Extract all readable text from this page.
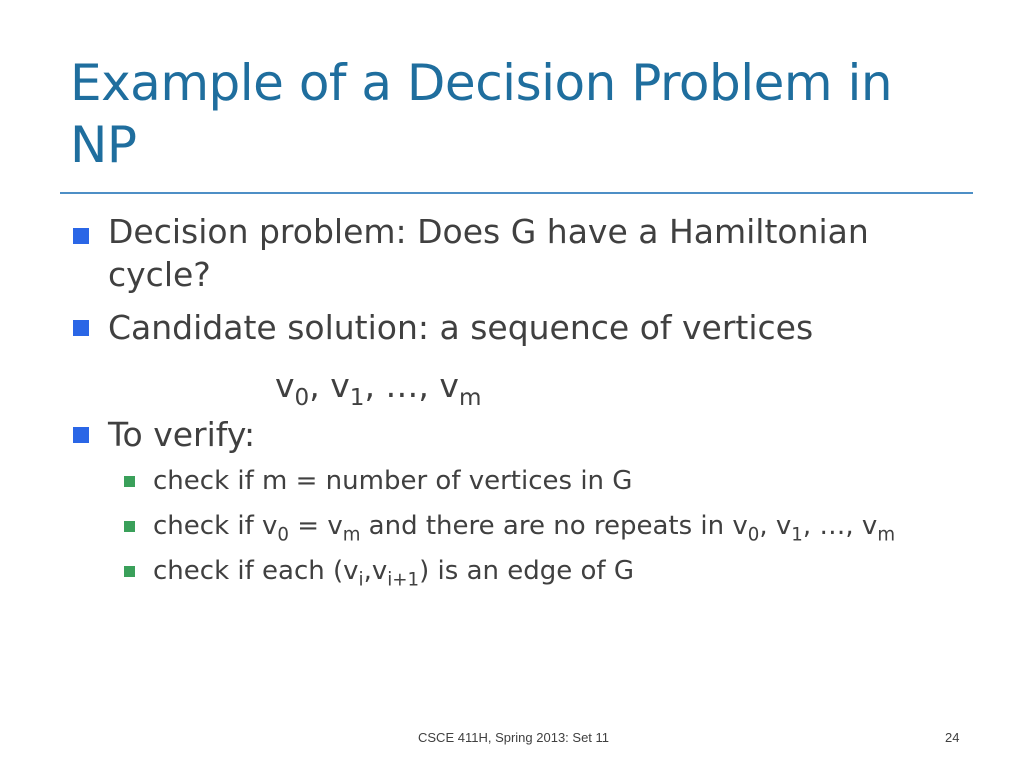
Example of a Decision Problem in NP
Decision problem: Does G have a Hamiltonian cycle?
Candidate solution: a sequence of vertices
$v_0$, $v_1$, …, $v_m$
To verify:
check if m = number of vertices in G
check if $v_0 = v_m$ and there are no repeats in $v_0$, $v_1$, …, $v_m$
check if each $(v_i,v_{i+1})$ is an edge of G
CSCE 411H, Spring 2013: Set 11	24
